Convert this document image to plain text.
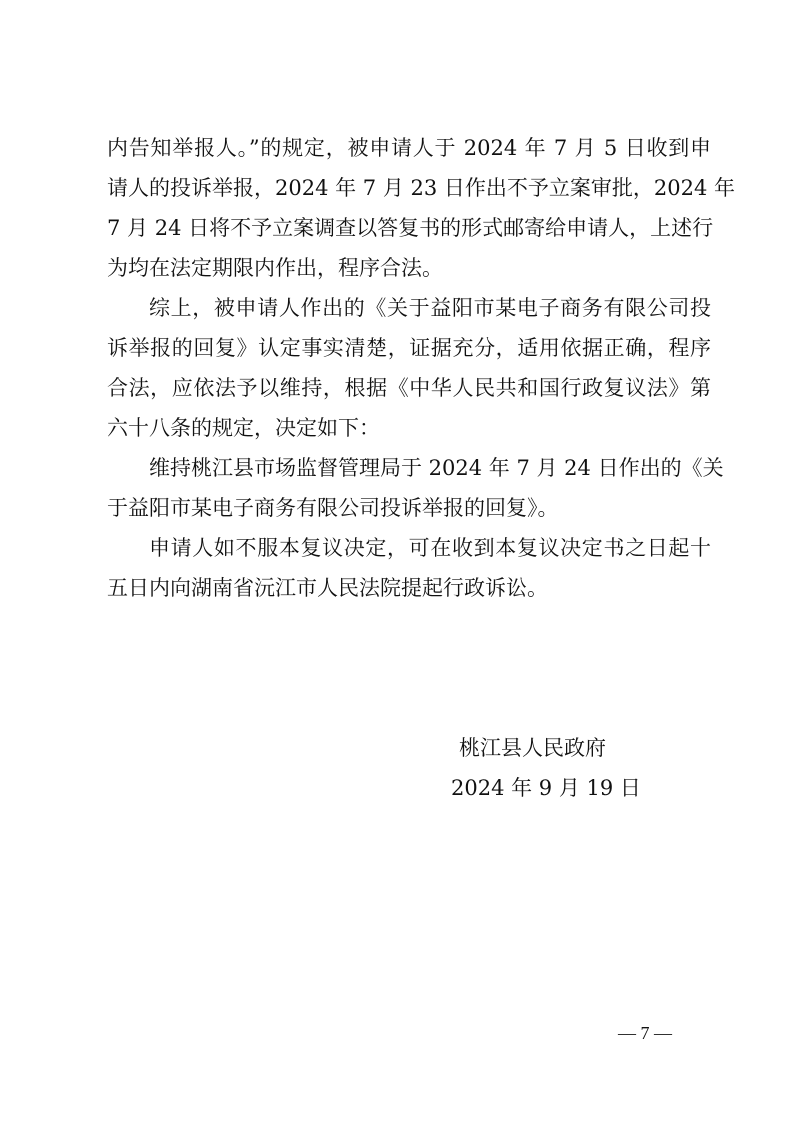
内告知举报人。”的规定，被申请人于 2024 年 7 月 5 日收到申
请人的投诉举报，2024 年 7 月 23 日作出不予立案审批，2024 年
7 月 24 日将不予立案调查以答复书的形式邮寄给申请人，上述行
为均在法定期限内作出，程序合法。
综上，被申请人作出的《关于益阳市某电子商务有限公司投
诉举报的回复》认定事实清楚，证据充分，适用依据正确，程序
合法，应依法予以维持，根据《中华人民共和国行政复议法》第
六十八条的规定，决定如下：
维持桃江县市场监督管理局于 2024 年 7 月 24 日作出的《关
于益阳市某电子商务有限公司投诉举报的回复》。
申请人如不服本复议决定，可在收到本复议决定书之日起十
五日内向湖南省沅江市人民法院提起行政诉讼。
桃江县人民政府
2024 年 9 月 19 日
— 7 —
